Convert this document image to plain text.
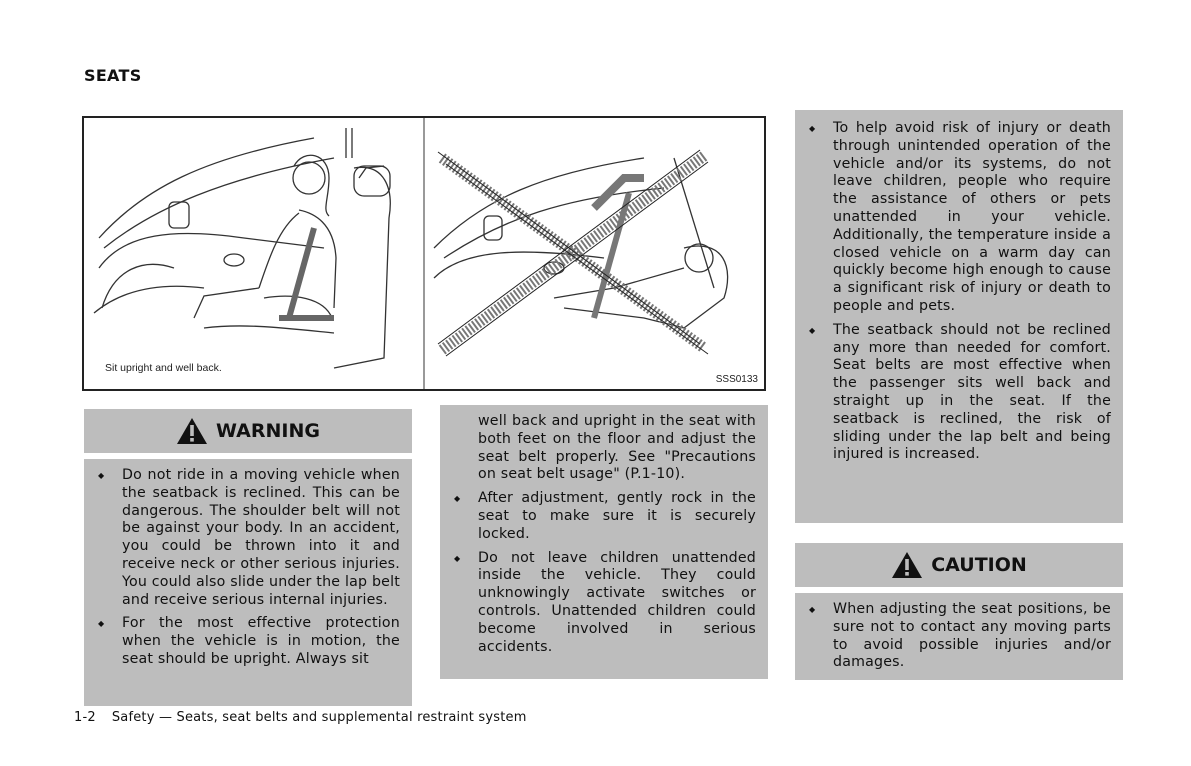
SEATS
Sit upright and well back.
SSS0133
WARNING
◆ Do not ride in a moving vehicle when the seatback is reclined. This can be dangerous. The shoulder belt will not be against your body. In an accident, you could be thrown into it and receive neck or other serious injuries. You could also slide under the lap belt and receive serious internal injuries.
◆ For the most effective protection when the vehicle is in motion, the seat should be upright. Always sit
well back and upright in the seat with both feet on the floor and adjust the seat belt properly. See "Precautions on seat belt usage" (P.1-10).
◆ After adjustment, gently rock in the seat to make sure it is securely locked.
◆ Do not leave children unattended inside the vehicle. They could unknowingly activate switches or controls. Unattended children could become involved in serious accidents.
◆ To help avoid risk of injury or death through unintended operation of the vehicle and/or its systems, do not leave children, people who require the assistance of others or pets unattended in your vehicle. Additionally, the temperature inside a closed vehicle on a warm day can quickly become high enough to cause a significant risk of injury or death to people and pets.
◆ The seatback should not be reclined any more than needed for comfort. Seat belts are most effective when the passenger sits well back and straight up in the seat. If the seatback is reclined, the risk of sliding under the lap belt and being injured is increased.
CAUTION
◆ When adjusting the seat positions, be sure not to contact any moving parts to avoid possible injuries and/or damages.
1-2 Safety — Seats, seat belts and supplemental restraint system
